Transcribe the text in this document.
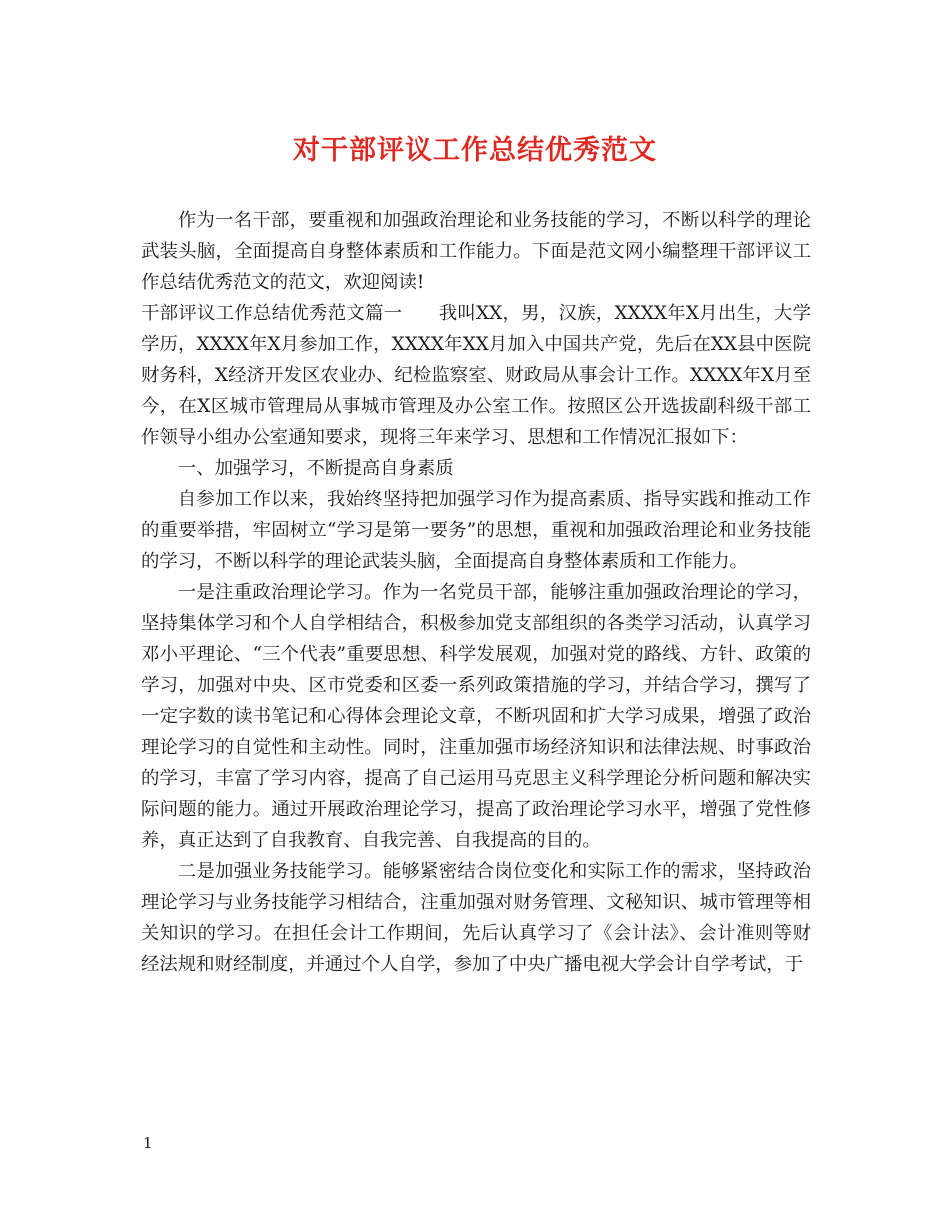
对干部评议工作总结优秀范文

作为一名干部，要重视和加强政治理论和业务技能的学习，不断以科学的理论武装头脑，全面提高自身整体素质和工作能力。下面是范文网小编整理干部评议工作总结优秀范文的范文，欢迎阅读!

干部评议工作总结优秀范文篇一 我叫XX，男，汉族，XXXX年X月出生，大学学历，XXXX年X月参加工作，XXXX年XX月加入中国共产党，先后在XX县中医院财务科，X经济开发区农业办、纪检监察室、财政局从事会计工作。XXXX年X月至今，在X区城市管理局从事城市管理及办公室工作。按照区公开选拔副科级干部工作领导小组办公室通知要求，现将三年来学习、思想和工作情况汇报如下：

一、加强学习，不断提高自身素质

自参加工作以来，我始终坚持把加强学习作为提高素质、指导实践和推动工作的重要举措，牢固树立“学习是第一要务”的思想，重视和加强政治理论和业务技能的学习，不断以科学的理论武装头脑，全面提高自身整体素质和工作能力。

一是注重政治理论学习。作为一名党员干部，能够注重加强政治理论的学习，坚持集体学习和个人自学相结合，积极参加党支部组织的各类学习活动，认真学习邓小平理论、“三个代表”重要思想、科学发展观，加强对党的路线、方针、政策的学习，加强对中央、区市党委和区委一系列政策措施的学习，并结合学习，撰写了一定字数的读书笔记和心得体会理论文章，不断巩固和扩大学习成果，增强了政治理论学习的自觉性和主动性。同时，注重加强市场经济知识和法律法规、时事政治的学习，丰富了学习内容，提高了自己运用马克思主义科学理论分析问题和解决实际问题的能力。通过开展政治理论学习，提高了政治理论学习水平，增强了党性修养，真正达到了自我教育、自我完善、自我提高的目的。

二是加强业务技能学习。能够紧密结合岗位变化和实际工作的需求，坚持政治理论学习与业务技能学习相结合，注重加强对财务管理、文秘知识、城市管理等相关知识的学习。在担任会计工作期间，先后认真学习了《会计法》、会计准则等财经法规和财经制度，并通过个人自学，参加了中央广播电视大学会计自学考试，于

1
